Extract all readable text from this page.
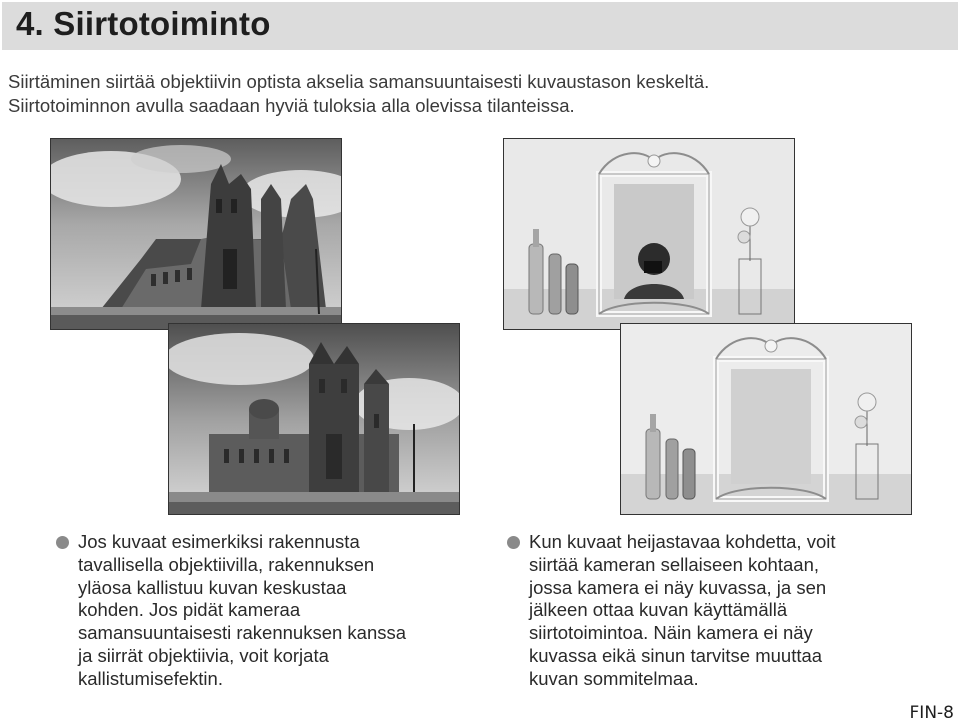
4. Siirtotoiminto
Siirtäminen siirtää objektiivin optista akselia samansuuntaisesti kuvaustason keskeltä.
Siirtotoiminnon avulla saadaan hyviä tuloksia alla olevissa tilanteissa.
Jos kuvaat esimerkiksi rakennusta
tavallisella objektiivilla, rakennuksen
yläosa kallistuu kuvan keskustaa
kohden. Jos pidät kameraa
samansuuntaisesti rakennuksen kanssa
ja siirrät objektiivia, voit korjata
kallistumisefektin.
Kun kuvaat heijastavaa kohdetta, voit
siirtää kameran sellaiseen kohtaan,
jossa kamera ei näy kuvassa, ja sen
jälkeen ottaa kuvan käyttämällä
siirtotoimintoa. Näin kamera ei näy
kuvassa eikä sinun tarvitse muuttaa
kuvan sommitelmaa.
FIN-8
